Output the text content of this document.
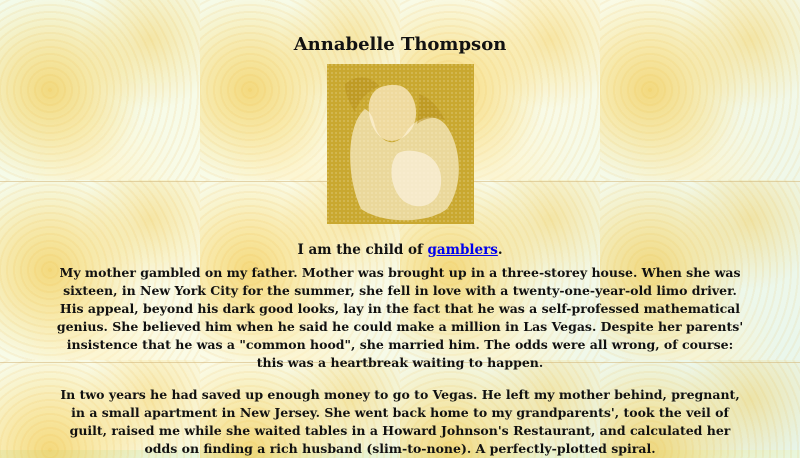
Annabelle Thompson

I am the child of gamblers.

My mother gambled on my father. Mother was brought up in a three-storey house. When she was sixteen, in New York City for the summer, she fell in love with a twenty-one-year-old limo driver. His appeal, beyond his dark good looks, lay in the fact that he was a self-professed mathematical genius. She believed him when he said he could make a million in Las Vegas. Despite her parents' insistence that he was a "common hood", she married him. The odds were all wrong, of course: this was a heartbreak waiting to happen.

In two years he had saved up enough money to go to Vegas. He left my mother behind, pregnant, in a small apartment in New Jersey. She went back home to my grandparents', took the veil of guilt, raised me while she waited tables in a Howard Johnson's Restaurant, and calculated her odds on finding a rich husband (slim-to-none). A perfectly-plotted spiral.
